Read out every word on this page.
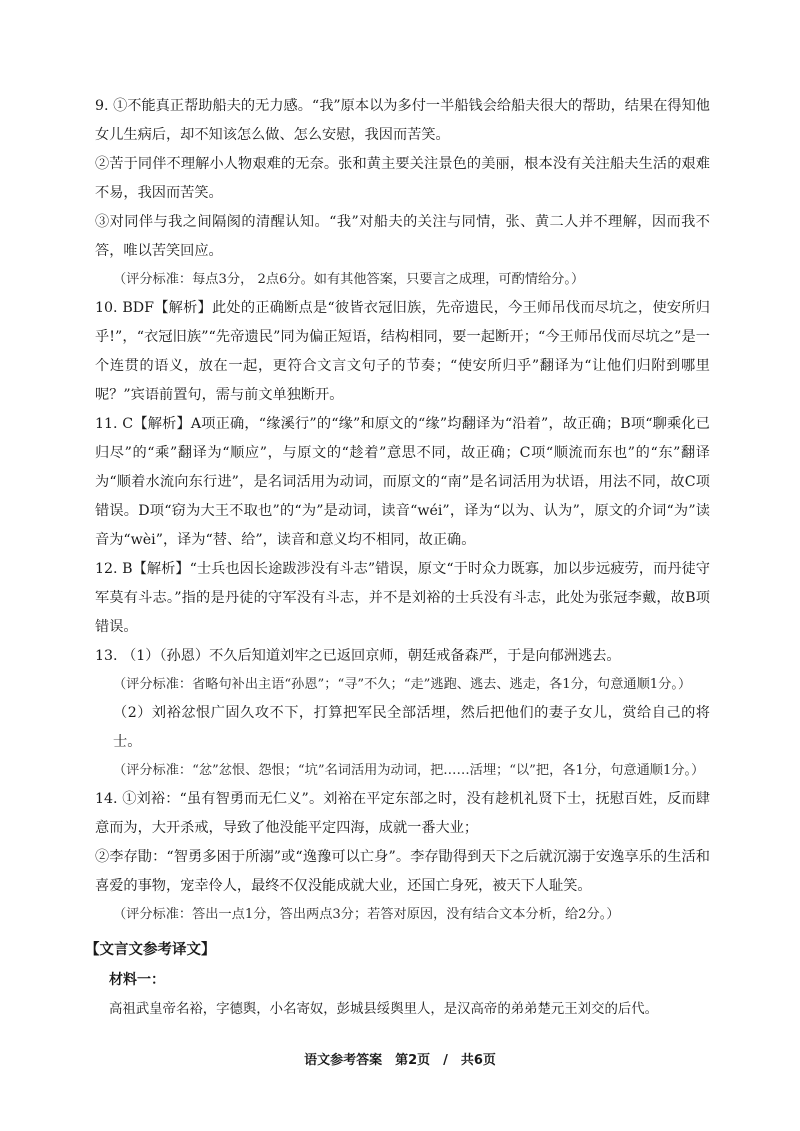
9. ①不能真正帮助船夫的无力感。“我”原本以为多付一半船钱会给船夫很大的帮助，结果在得知他女儿生病后，却不知该怎么做、怎么安慰，我因而苦笑。

②苦于同伴不理解小人物艰难的无奈。张和黄主要关注景色的美丽，根本没有关注船夫生活的艰难不易，我因而苦笑。

③对同伴与我之间隔阂的清醒认知。“我”对船夫的关注与同情，张、黄二人并不理解，因而我不答，唯以苦笑回应。

（评分标准：每点3分， 2点6分。如有其他答案，只要言之成理，可酌情给分。）

10. BDF【解析】此处的正确断点是“彼皆衣冠旧族，先帝遗民，今王师吊伐而尽坑之，使安所归乎!”，“衣冠旧族”“先帝遗民”同为偏正短语，结构相同，要一起断开；“今王师吊伐而尽坑之”是一个连贯的语义，放在一起，更符合文言文句子的节奏；“使安所归乎”翻译为“让他们归附到哪里呢？”宾语前置句，需与前文单独断开。

11. C【解析】A项正确，“缘溪行”的“缘”和原文的“缘”均翻译为“沿着”，故正确；B项“聊乘化已归尽”的“乘”翻译为“顺应”，与原文的“趁着”意思不同，故正确；C项“顺流而东也”的“东”翻译为“顺着水流向东行进”，是名词活用为动词，而原文的“南”是名词活用为状语，用法不同，故C项错误。D项“窃为大王不取也”的“为”是动词，读音“wéi”，译为“以为、认为”，原文的介词“为”读音为“wèi”，译为“替、给”，读音和意义均不相同，故正确。

12. B【解析】“士兵也因长途跋涉没有斗志”错误，原文“于时众力既寡，加以步远疲劳，而丹徒守军莫有斗志。”指的是丹徒的守军没有斗志，并不是刘裕的士兵没有斗志，此处为张冠李戴，故B项错误。

13. （1）（孙恩）不久后知道刘牢之已返回京师，朝廷戒备森严，于是向郁洲逃去。

（评分标准：省略句补出主语“孙恩”；“寻”不久；“走”逃跑、逃去、逃走，各1分，句意通顺1分。）

（2）刘裕忿恨广固久攻不下，打算把军民全部活埋，然后把他们的妻子女儿，赏给自己的将士。

（评分标准：“忿”忿恨、怨恨；“坑”名词活用为动词，把……活埋；“以”把，各1分，句意通顺1分。）

14. ①刘裕：“虽有智勇而无仁义”。刘裕在平定东部之时，没有趁机礼贤下士，抚慰百姓，反而肆意而为，大开杀戒，导致了他没能平定四海，成就一番大业；

②李存勖：“智勇多困于所溺”或“逸豫可以亡身”。李存勖得到天下之后就沉溺于安逸享乐的生活和喜爱的事物，宠幸伶人，最终不仅没能成就大业，还国亡身死，被天下人耻笑。

（评分标准：答出一点1分，答出两点3分；若答对原因，没有结合文本分析，给2分。）

【文言文参考译文】

材料一：

高祖武皇帝名裕，字德舆，小名寄奴，彭城县绥舆里人，是汉高帝的弟弟楚元王刘交的后代。

语文参考答案　第2页　/　共6页
